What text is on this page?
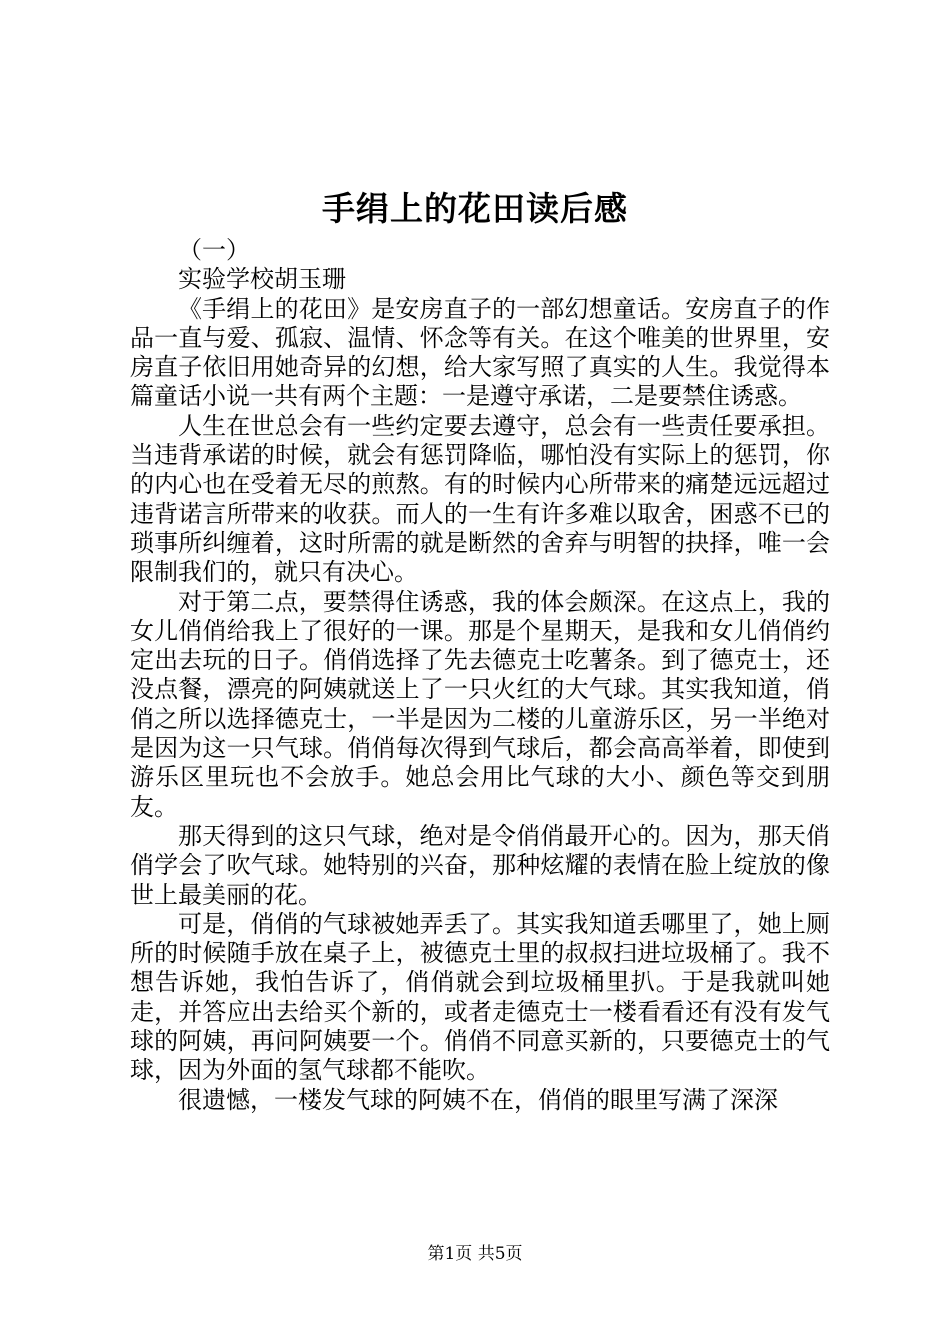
手绢上的花田读后感

（一）

实验学校胡玉珊

《手绢上的花田》是安房直子的一部幻想童话。安房直子的作品一直与爱、孤寂、温情、怀念等有关。在这个唯美的世界里，安房直子依旧用她奇异的幻想，给大家写照了真实的人生。我觉得本篇童话小说一共有两个主题：一是遵守承诺，二是要禁住诱惑。

人生在世总会有一些约定要去遵守，总会有一些责任要承担。当违背承诺的时候，就会有惩罚降临，哪怕没有实际上的惩罚，你的内心也在受着无尽的煎熬。有的时候内心所带来的痛楚远远超过违背诺言所带来的收获。而人的一生有许多难以取舍，困惑不已的琐事所纠缠着，这时所需的就是断然的舍弃与明智的抉择，唯一会限制我们的，就只有决心。

对于第二点，要禁得住诱惑，我的体会颇深。在这点上，我的女儿俏俏给我上了很好的一课。那是个星期天，是我和女儿俏俏约定出去玩的日子。俏俏选择了先去德克士吃薯条。到了德克士，还没点餐，漂亮的阿姨就送上了一只火红的大气球。其实我知道，俏俏之所以选择德克士，一半是因为二楼的儿童游乐区，另一半绝对是因为这一只气球。俏俏每次得到气球后，都会高高举着，即使到游乐区里玩也不会放手。她总会用比气球的大小、颜色等交到朋友。

那天得到的这只气球，绝对是令俏俏最开心的。因为，那天俏俏学会了吹气球。她特别的兴奋，那种炫耀的表情在脸上绽放的像世上最美丽的花。

可是，俏俏的气球被她弄丢了。其实我知道丢哪里了，她上厕所的时候随手放在桌子上，被德克士里的叔叔扫进垃圾桶了。我不想告诉她，我怕告诉了，俏俏就会到垃圾桶里扒。于是我就叫她走，并答应出去给买个新的，或者走德克士一楼看看还有没有发气球的阿姨，再问阿姨要一个。俏俏不同意买新的，只要德克士的气球，因为外面的氢气球都不能吹。

很遗憾，一楼发气球的阿姨不在，俏俏的眼里写满了深深

第1页 共5页
